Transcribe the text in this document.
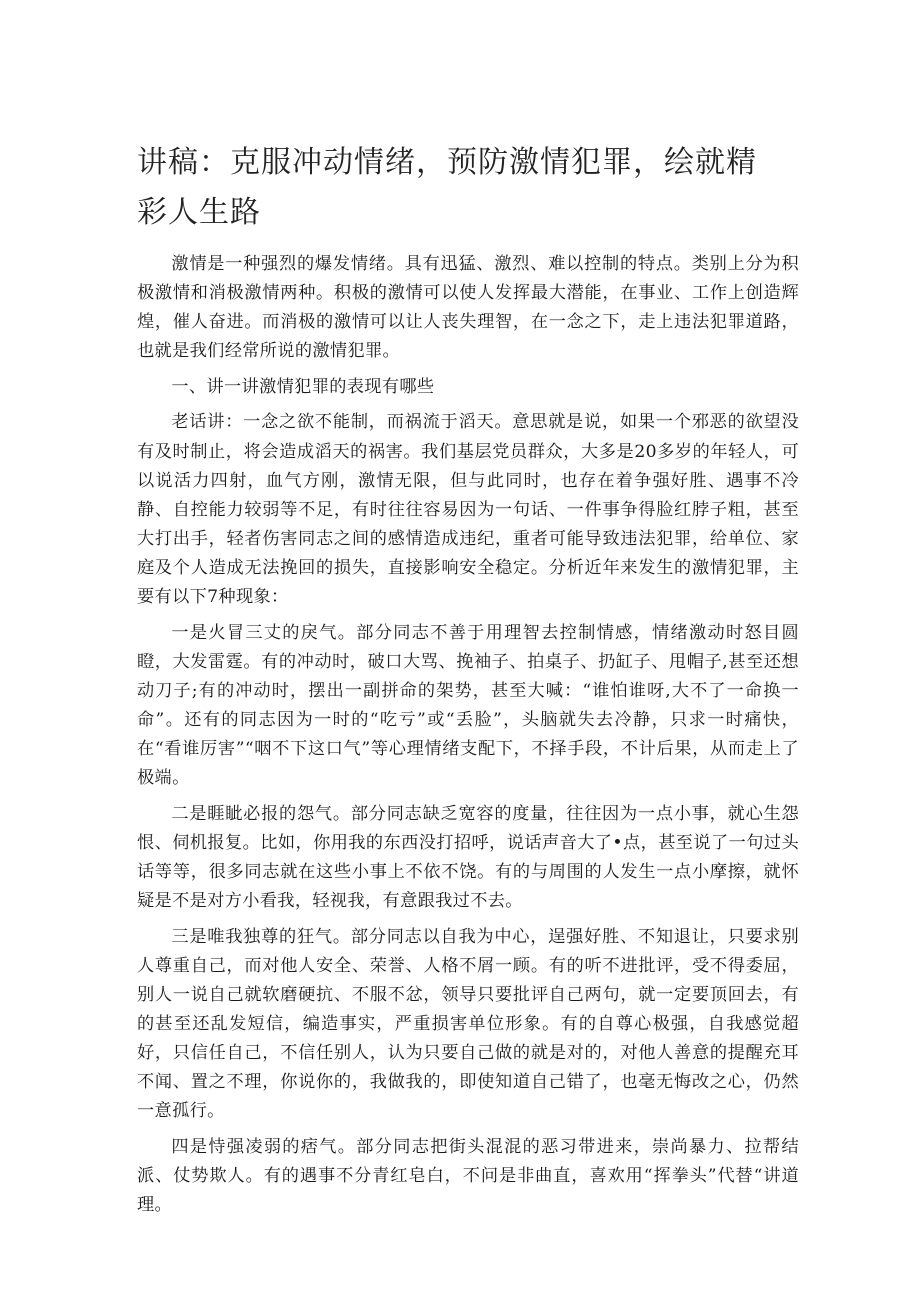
讲稿：克服冲动情绪，预防激情犯罪，绘就精彩人生路

激情是一种强烈的爆发情绪。具有迅猛、激烈、难以控制的特点。类别上分为积极激情和消极激情两种。积极的激情可以使人发挥最大潜能，在事业、工作上创造辉煌，催人奋进。而消极的激情可以让人丧失理智，在一念之下，走上违法犯罪道路，也就是我们经常所说的激情犯罪。

一、讲一讲激情犯罪的表现有哪些

老话讲：一念之欲不能制，而祸流于滔天。意思就是说，如果一个邪恶的欲望没有及时制止，将会造成滔天的祸害。我们基层党员群众，大多是20多岁的年轻人，可以说活力四射，血气方刚，激情无限，但与此同时，也存在着争强好胜、遇事不冷静、自控能力较弱等不足，有时往往容易因为一句话、一件事争得脸红脖子粗，甚至大打出手，轻者伤害同志之间的感情造成违纪，重者可能导致违法犯罪，给单位、家庭及个人造成无法挽回的损失，直接影响安全稳定。分析近年来发生的激情犯罪，主要有以下7种现象：

一是火冒三丈的戾气。部分同志不善于用理智去控制情感，情绪激动时怒目圆瞪，大发雷霆。有的冲动时，破口大骂、挽袖子、拍桌子、扔缸子、甩帽子,甚至还想动刀子;有的冲动时，摆出一副拼命的架势，甚至大喊：“谁怕谁呀,大不了一命换一命”。还有的同志因为一时的“吃亏”或“丢脸”，头脑就失去冷静，只求一时痛快，在“看谁厉害”“咽不下这口气”等心理情绪支配下，不择手段，不计后果，从而走上了极端。

二是睚眦必报的怨气。部分同志缺乏宽容的度量，往往因为一点小事，就心生怨恨、伺机报复。比如，你用我的东西没打招呼，说话声音大了•点，甚至说了一句过头话等等，很多同志就在这些小事上不依不饶。有的与周围的人发生一点小摩擦，就怀疑是不是对方小看我，轻视我，有意跟我过不去。

三是唯我独尊的狂气。部分同志以自我为中心，逞强好胜、不知退让，只要求别人尊重自己，而对他人安全、荣誉、人格不屑一顾。有的听不进批评，受不得委屈，别人一说自己就软磨硬抗、不服不忿，领导只要批评自己两句，就一定要顶回去，有的甚至还乱发短信，编造事实，严重损害单位形象。有的自尊心极强，自我感觉超好，只信任自己，不信任别人，认为只要自己做的就是对的，对他人善意的提醒充耳不闻、置之不理，你说你的，我做我的，即使知道自己错了，也毫无悔改之心，仍然一意孤行。

四是恃强凌弱的痞气。部分同志把街头混混的恶习带进来，崇尚暴力、拉帮结派、仗势欺人。有的遇事不分青红皂白，不问是非曲直，喜欢用“挥拳头”代替“讲道理。
